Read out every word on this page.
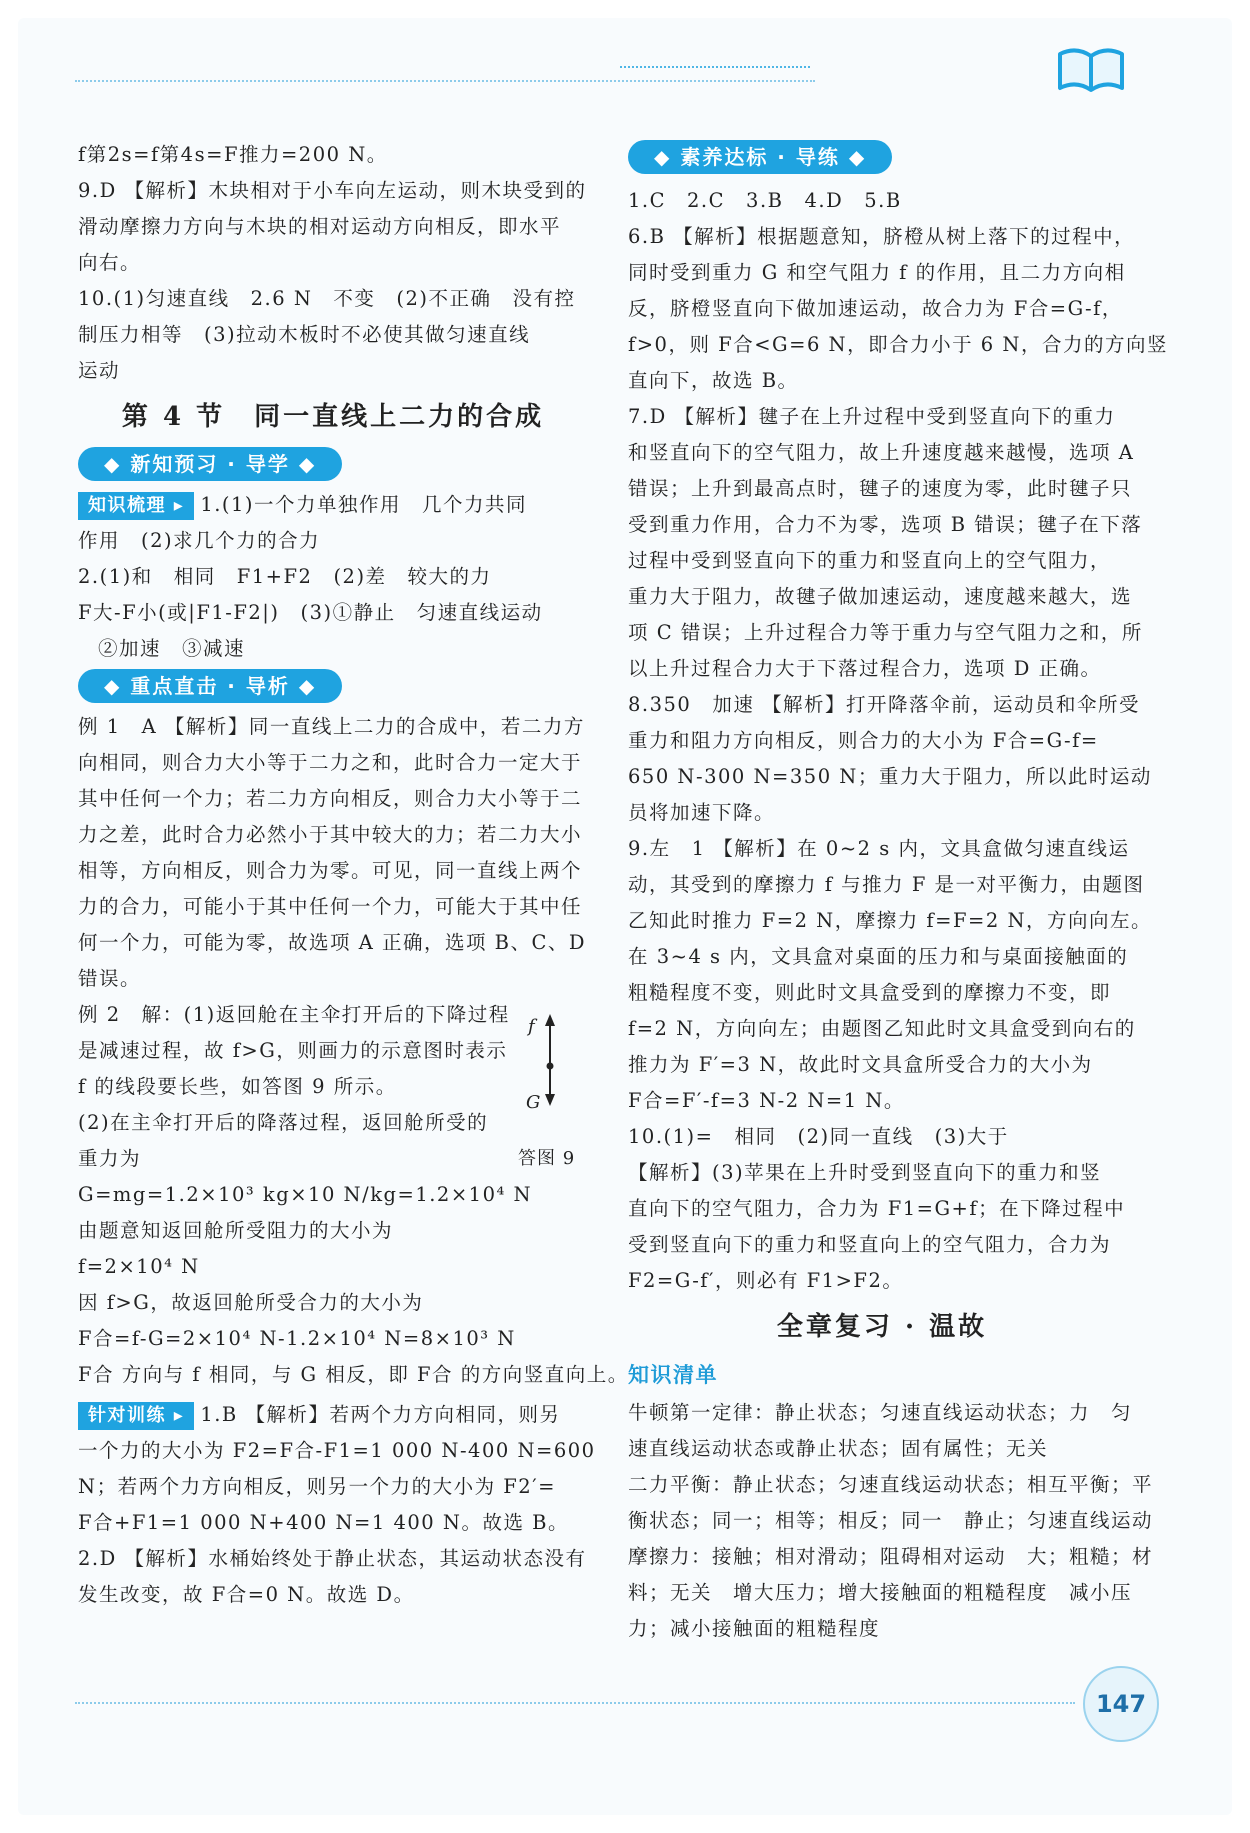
f第2s=f第4s=F推力=200 N。
9.D 【解析】木块相对于小车向左运动，则木块受到的
滑动摩擦力方向与木块的相对运动方向相反，即水平
向右。
10.(1)匀速直线　2.6 N　不变　(2)不正确　没有控
制压力相等　(3)拉动木板时不必使其做匀速直线
运动
第 4 节　同一直线上二力的合成
◆ 新知预习 · 导学 ◆
知识梳理 ▸ 1.(1)一个力单独作用　几个力共同
作用　(2)求几个力的合力
2.(1)和　相同　F1+F2　(2)差　较大的力
F大-F小(或|F1-F2|)　(3)①静止　匀速直线运动
②加速　③减速
◆ 重点直击 · 导析 ◆
例 1　A 【解析】同一直线上二力的合成中，若二力方
向相同，则合力大小等于二力之和，此时合力一定大于
其中任何一个力；若二力方向相反，则合力大小等于二
力之差，此时合力必然小于其中较大的力；若二力大小
相等，方向相反，则合力为零。可见，同一直线上两个
力的合力，可能小于其中任何一个力，可能大于其中任
何一个力，可能为零，故选项 A 正确，选项 B、C、D
错误。
例 2　解：(1)返回舱在主伞打开后的下降过程
是减速过程，故 f>G，则画力的示意图时表示
f 的线段要长些，如答图 9 所示。
(2)在主伞打开后的降落过程，返回舱所受的
重力为
G=mg=1.2×10³ kg×10 N/kg=1.2×10⁴ N
由题意知返回舱所受阻力的大小为
f=2×10⁴ N
因 f>G，故返回舱所受合力的大小为
F合=f-G=2×10⁴ N-1.2×10⁴ N=8×10³ N
F合 方向与 f 相同，与 G 相反，即 F合 的方向竖直向上。
针对训练 ▸ 1.B 【解析】若两个力方向相同，则另
一个力的大小为 F2=F合-F1=1 000 N-400 N=600
N；若两个力方向相反，则另一个力的大小为 F2′=
F合+F1=1 000 N+400 N=1 400 N。故选 B。
2.D 【解析】水桶始终处于静止状态，其运动状态没有
发生改变，故 F合=0 N。故选 D。
f
G
答图 9
◆ 素养达标 · 导练 ◆
1.C　2.C　3.B　4.D　5.B
6.B 【解析】根据题意知，脐橙从树上落下的过程中，
同时受到重力 G 和空气阻力 f 的作用，且二力方向相
反，脐橙竖直向下做加速运动，故合力为 F合=G-f，
f>0，则 F合<G=6 N，即合力小于 6 N，合力的方向竖
直向下，故选 B。
7.D 【解析】毽子在上升过程中受到竖直向下的重力
和竖直向下的空气阻力，故上升速度越来越慢，选项 A
错误；上升到最高点时，毽子的速度为零，此时毽子只
受到重力作用，合力不为零，选项 B 错误；毽子在下落
过程中受到竖直向下的重力和竖直向上的空气阻力，
重力大于阻力，故毽子做加速运动，速度越来越大，选
项 C 错误；上升过程合力等于重力与空气阻力之和，所
以上升过程合力大于下落过程合力，选项 D 正确。
8.350　加速 【解析】打开降落伞前，运动员和伞所受
重力和阻力方向相反，则合力的大小为 F合=G-f=
650 N-300 N=350 N；重力大于阻力，所以此时运动
员将加速下降。
9.左　1 【解析】在 0~2 s 内，文具盒做匀速直线运
动，其受到的摩擦力 f 与推力 F 是一对平衡力，由题图
乙知此时推力 F=2 N，摩擦力 f=F=2 N，方向向左。
在 3~4 s 内，文具盒对桌面的压力和与桌面接触面的
粗糙程度不变，则此时文具盒受到的摩擦力不变，即
f=2 N，方向向左；由题图乙知此时文具盒受到向右的
推力为 F′=3 N，故此时文具盒所受合力的大小为
F合=F′-f=3 N-2 N=1 N。
10.(1)=　相同　(2)同一直线　(3)大于
【解析】(3)苹果在上升时受到竖直向下的重力和竖
直向下的空气阻力，合力为 F1=G+f；在下降过程中
受到竖直向下的重力和竖直向上的空气阻力，合力为
F2=G-f′，则必有 F1>F2。
全章复习 · 温故
知识清单
牛顿第一定律：静止状态；匀速直线运动状态；力　匀
速直线运动状态或静止状态；固有属性；无关
二力平衡：静止状态；匀速直线运动状态；相互平衡；平
衡状态；同一；相等；相反；同一　静止；匀速直线运动
摩擦力：接触；相对滑动；阻碍相对运动　大；粗糙；材
料；无关　增大压力；增大接触面的粗糙程度　减小压
力；减小接触面的粗糙程度
147
